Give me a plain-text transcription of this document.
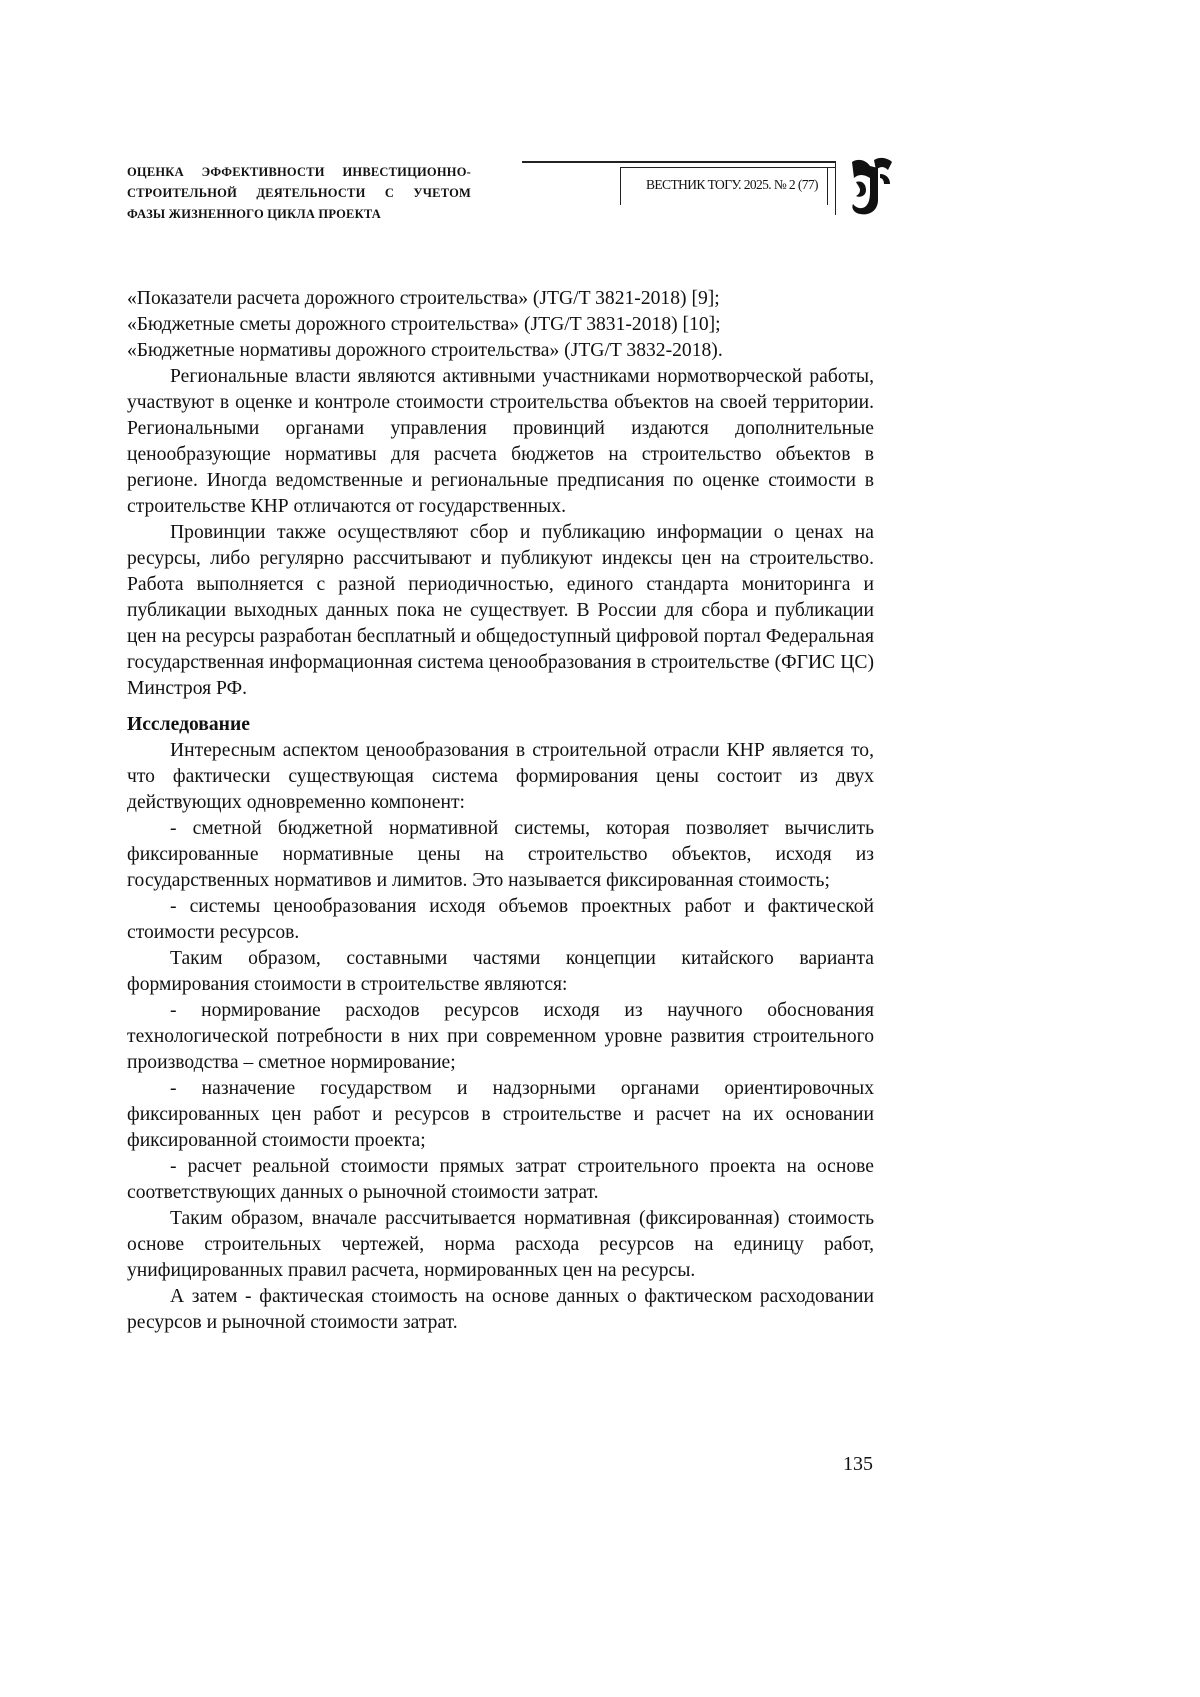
ОЦЕНКА ЭФФЕКТИВНОСТИ ИНВЕСТИЦИОННО-
СТРОИТЕЛЬНОЙ ДЕЯТЕЛЬНОСТИ С УЧЕТОМ
ФАЗЫ ЖИЗНЕННОГО ЦИКЛА ПРОЕКТА
ВЕСТНИК ТОГУ. 2025. № 2 (77)

«Показатели расчета дорожного строительства» (JTG/T 3821-2018) [9];

«Бюджетные сметы дорожного строительства» (JTG/T 3831-2018) [10];

«Бюджетные нормативы дорожного строительства» (JTG/T 3832-2018).

Региональные власти являются активными участниками нормотворческой работы, участвуют в оценке и контроле стоимости строительства объектов на своей территории. Региональными органами управления провинций издаются дополнительные ценообразующие нормативы для расчета бюджетов на строительство объектов в регионе. Иногда ведомственные и региональные предписания по оценке стоимости в строительстве КНР отличаются от государственных.

Провинции также осуществляют сбор и публикацию информации о ценах на ресурсы, либо регулярно рассчитывают и публикуют индексы цен на строительство. Работа выполняется с разной периодичностью, единого стандарта мониторинга и публикации выходных данных пока не существует. В России для сбора и публикации цен на ресурсы разработан бесплатный и общедоступный цифровой портал Федеральная государственная информационная система ценообразования в строительстве (ФГИС ЦС) Минстроя РФ.

Исследование

Интересным аспектом ценообразования в строительной отрасли КНР является то, что фактически существующая система формирования цены состоит из двух действующих одновременно компонент:

- сметной бюджетной нормативной системы, которая позволяет вычислить фиксированные нормативные цены на строительство объектов, исходя из государственных нормативов и лимитов. Это называется фиксированная стоимость;

- системы ценообразования исходя объемов проектных работ и фактической стоимости ресурсов.

Таким образом, составными частями концепции китайского варианта формирования стоимости в строительстве являются:

- нормирование расходов ресурсов исходя из научного обоснования технологической потребности в них при современном уровне развития строительного производства – сметное нормирование;

- назначение государством и надзорными органами ориентировочных фиксированных цен работ и ресурсов в строительстве и расчет на их основании фиксированной стоимости проекта;

- расчет реальной стоимости прямых затрат строительного проекта на основе соответствующих данных о рыночной стоимости затрат.

Таким образом, вначале рассчитывается нормативная (фиксированная) стоимость основе строительных чертежей, норма расхода ресурсов на единицу работ, унифицированных правил расчета, нормированных цен на ресурсы.

А затем - фактическая стоимость на основе данных о фактическом расходовании ресурсов и рыночной стоимости затрат.

135
